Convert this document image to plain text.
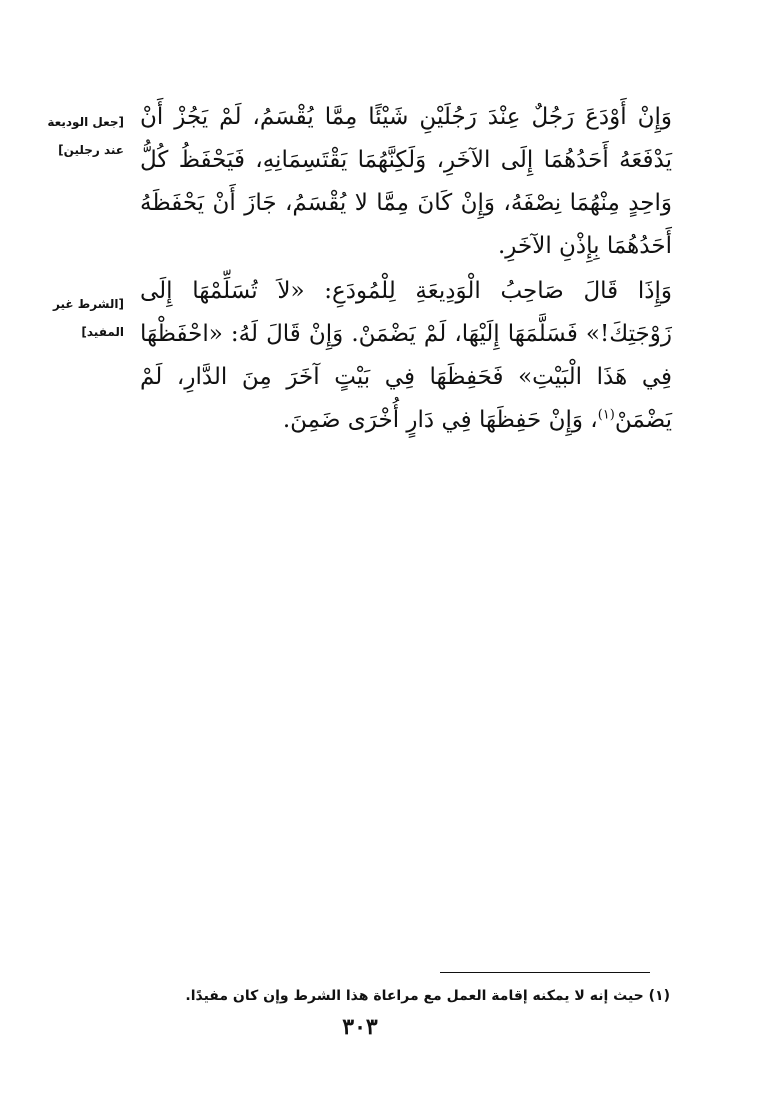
[جعل الوديعة
عند رجلين]
وَإِنْ أَوْدَعَ رَجُلٌ عِنْدَ رَجُلَيْنِ شَيْئًا مِمَّا يُقْسَمُ، لَمْ يَجُزْ أَنْ يَدْفَعَهُ أَحَدُهُمَا إِلَى الآخَرِ، وَلَكِنَّهُمَا يَقْتَسِمَانِهِ، فَيَحْفَظُ كُلُّ وَاحِدٍ مِنْهُمَا نِصْفَهُ، وَإِنْ كَانَ مِمَّا لا يُقْسَمُ، جَازَ أَنْ يَحْفَظَهُ أَحَدُهُمَا بِإِذْنِ الآخَرِ.
[الشرط غير
المفيد]
وَإِذَا قَالَ صَاحِبُ الْوَدِيعَةِ لِلْمُودَعِ: «لاَ تُسَلِّمْهَا إِلَى زَوْجَتِكَ!» فَسَلَّمَهَا إِلَيْهَا، لَمْ يَضْمَنْ. وَإِنْ قَالَ لَهُ: «احْفَظْهَا فِي هَذَا الْبَيْتِ» فَحَفِظَهَا فِي بَيْتٍ آخَرَ مِنَ الدَّارِ، لَمْ يَضْمَنْ$^{(١)}$، وَإِنْ حَفِظَهَا فِي دَارٍ أُخْرَى ضَمِنَ.
(١) حيث إنه لا يمكنه إقامة العمل مع مراعاة هذا الشرط وإن كان مفيدًا.
٣٠٣
